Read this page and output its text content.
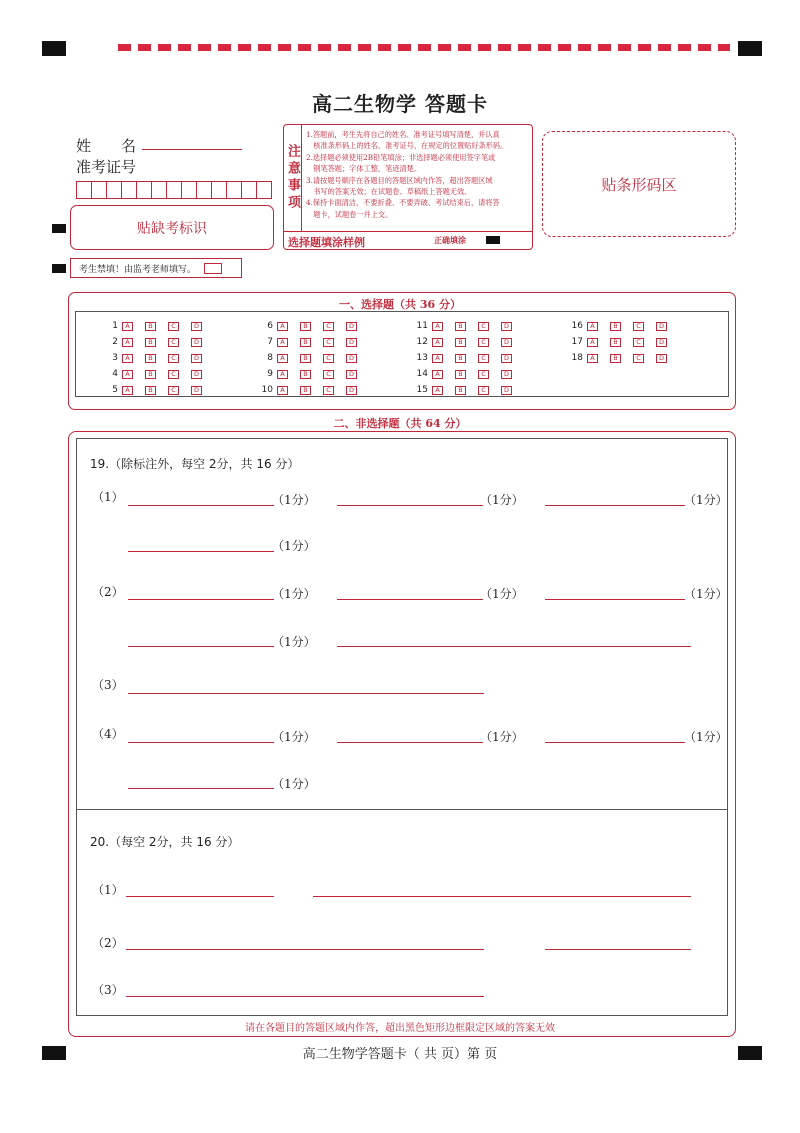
高二生物学 答题卡
姓　　名
准考证号
贴缺考标识
考生禁填！由监考老师填写。
注意事项
1.答题前，考生先将自己的姓名、准考证号填写清楚，并认真
　核准条形码上的姓名、准考证号，在规定的位置贴好条形码。
2.选择题必须使用2B铅笔填涂；非选择题必须使用签字笔或
　钢笔答题；字体工整、笔迹清楚。
3.请按题号顺序在各题目的答题区域内作答，超出答题区域
　书写的答案无效；在试题卷、草稿纸上答题无效。
4.保持卡面清洁，不要折叠、不要弄破、考试结束后，请将答
　题卡，试题卷一并上交。
选择题填涂样例	正确填涂
贴条形码区
一、选择题（共 36 分）
1	A	B	C	D
2	A	B	C	D
3	A	B	C	D
4	A	B	C	D
5	A	B	C	D
6	A	B	C	D
7	A	B	C	D
8	A	B	C	D
9	A	B	C	D
10	A	B	C	D
11	A	B	C	D
12	A	B	C	D
13	A	B	C	D
14	A	B	C	D
15	A	B	C	D
16	A	B	C	D
17	A	B	C	D
18	A	B	C	D
二、非选择题（共 64 分）
19.（除标注外，每空 2分，共 16 分）
（1）	（1分）	（1分）	（1分）
（1分）
（2）	（1分）	（1分）	（1分）
（1分）
（3）
（4）	（1分）	（1分）	（1分）
（1分）
20.（每空 2分，共 16 分）
（1）
（2）
（3）
请在各题目的答题区域内作答，超出黑色矩形边框限定区域的答案无效
高二生物学答题卡（ 共 页）第 页
